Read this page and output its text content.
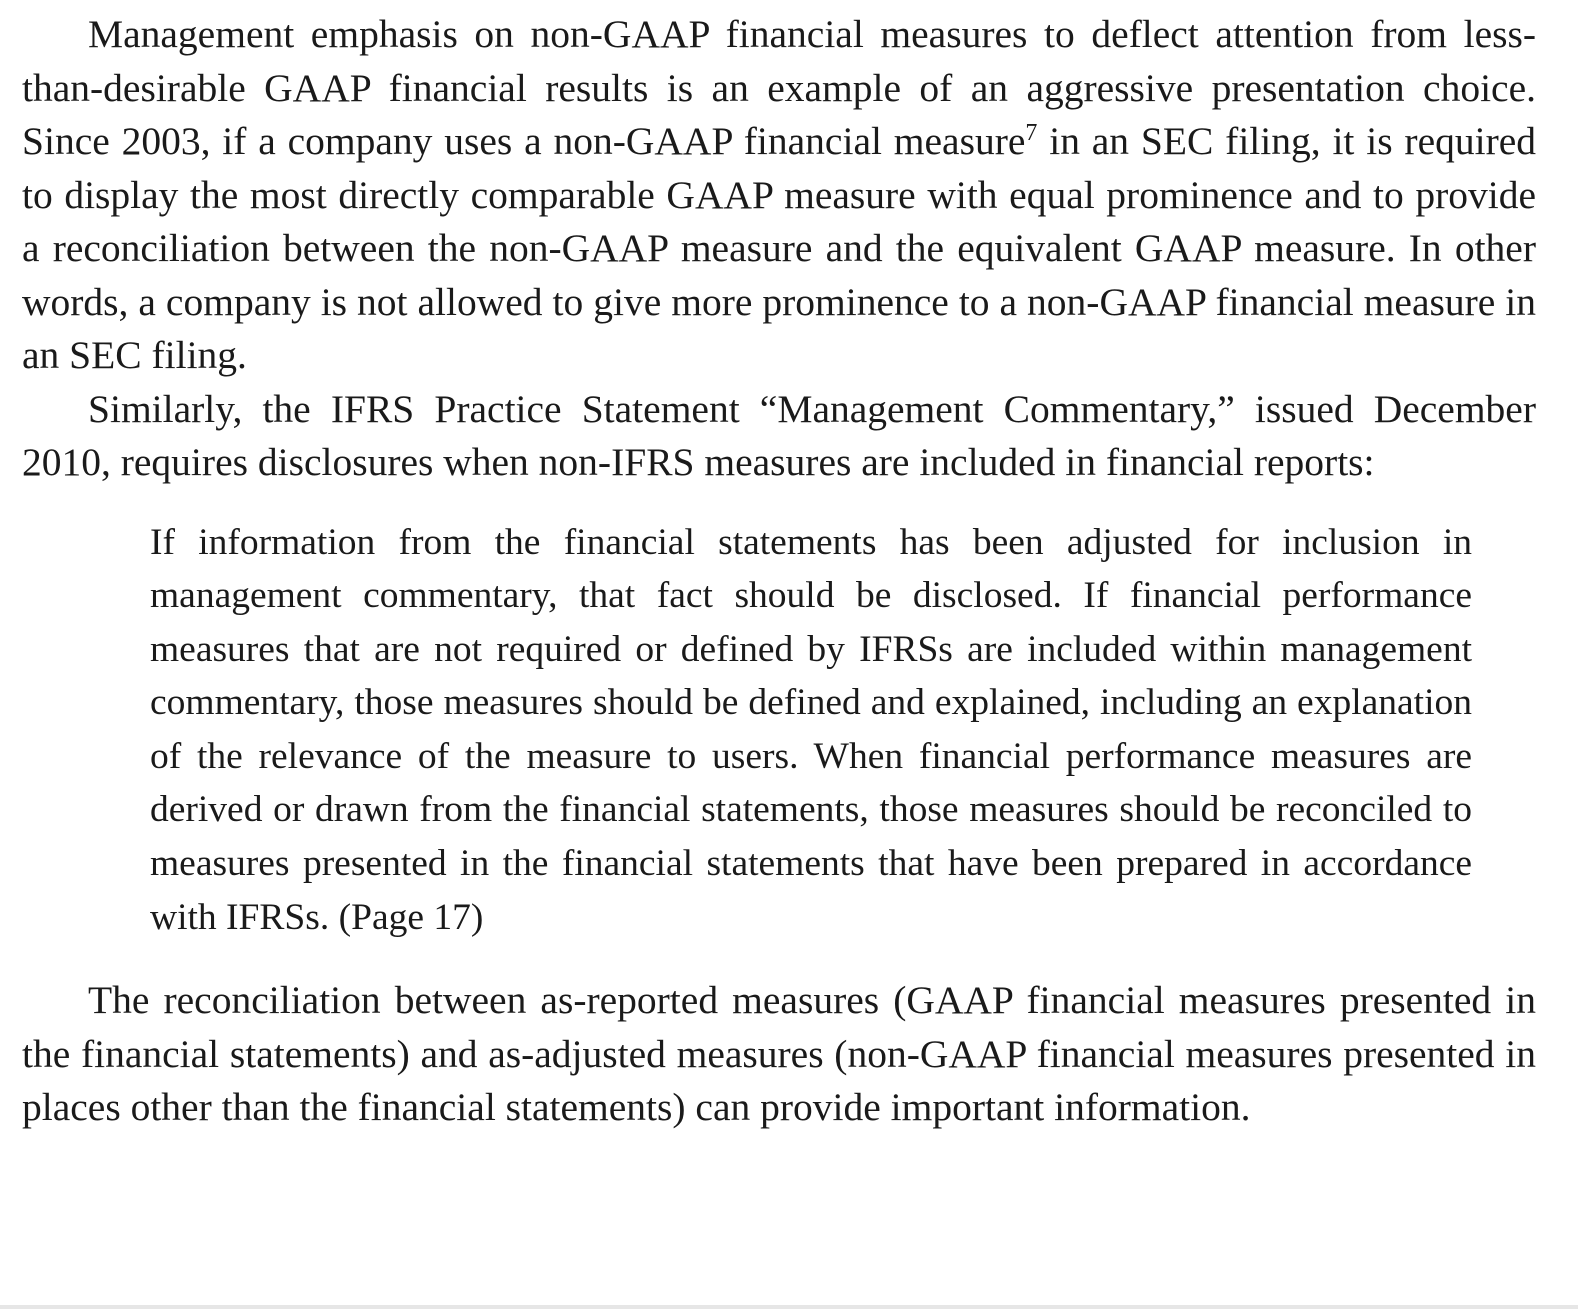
Management emphasis on non-GAAP financial measures to deflect attention from less-than-desirable GAAP financial results is an example of an aggressive presentation choice. Since 2003, if a company uses a non-GAAP financial measure$^7$ in an SEC filing, it is required to display the most directly comparable GAAP measure with equal prominence and to provide a reconciliation between the non-GAAP measure and the equivalent GAAP measure. In other words, a company is not allowed to give more prominence to a non-GAAP financial measure in an SEC filing.

Similarly, the IFRS Practice Statement “Management Commentary,” issued December 2010, requires disclosures when non-IFRS measures are included in financial reports:

If information from the financial statements has been adjusted for inclusion in management commentary, that fact should be disclosed. If financial performance measures that are not required or defined by IFRSs are included within management commentary, those measures should be defined and explained, including an explanation of the relevance of the measure to users. When financial performance measures are derived or drawn from the financial statements, those measures should be reconciled to measures presented in the financial statements that have been prepared in accordance with IFRSs. (Page 17)

The reconciliation between as-reported measures (GAAP financial measures presented in the financial statements) and as-adjusted measures (non-GAAP financial measures presented in places other than the financial statements) can provide important information.
